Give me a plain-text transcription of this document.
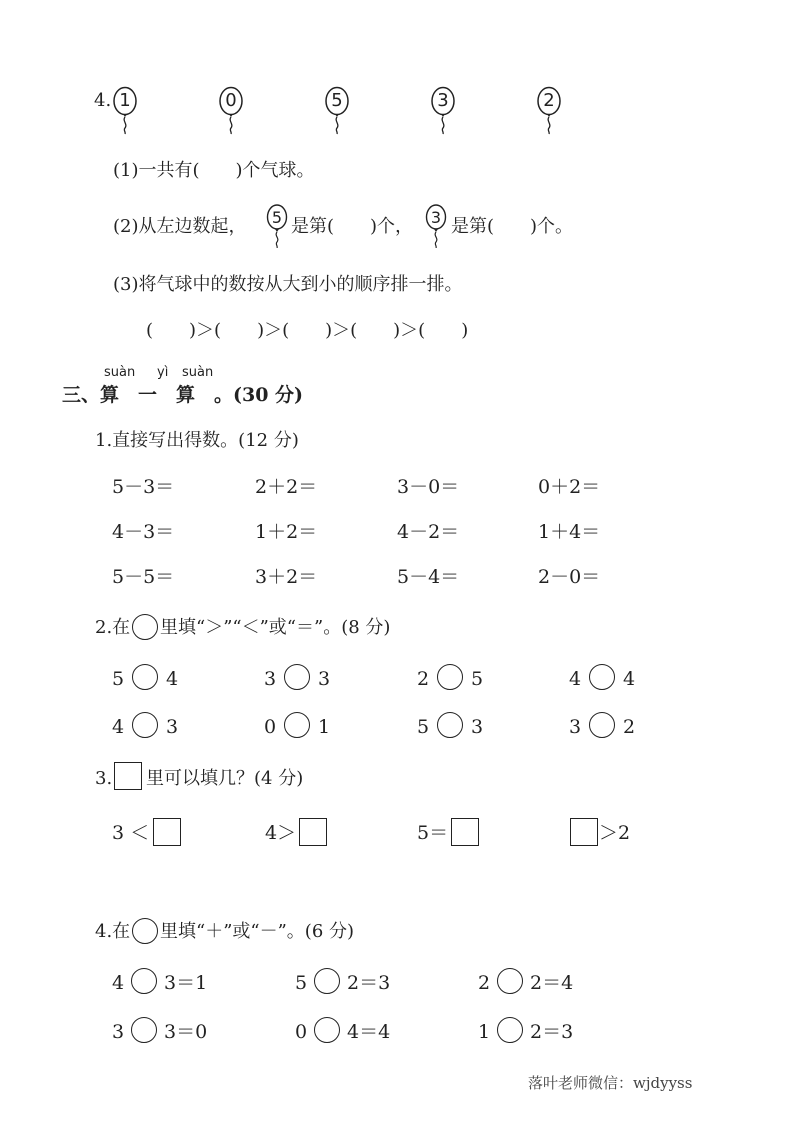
4. 1	0	5	3	2
(1)一共有(　　)个气球。
(2)从左边数起，	5 是第(　　)个，	3 是第(　　)个。
(3)将气球中的数按从大到小的顺序排一排。
(　　)＞(　　)＞(　　)＞(　　)＞(　　)
suàn yì suàn
三、算　一　算　。(30 分)
1.直接写出得数。(12 分)
5－3＝	2＋2＝	3－0＝	0＋2＝
4－3＝	1＋2＝	4－2＝	1＋4＝
5－5＝	3＋2＝	5－4＝	2－0＝
2.在 里填“＞”“＜”或“＝”。(8 分)
5 4	3 3	2 5	4 4
4 3	0 1	5 3	3 2
3. 里可以填几？(4 分)
3 ＜	4＞	5＝	＞2
4.在 里填“＋”或“－”。(6 分)
4 3＝1	5 2＝3	2 2＝4
3 3＝0	0 4＝4	1 2＝3
落叶老师微信：wjdyyss
